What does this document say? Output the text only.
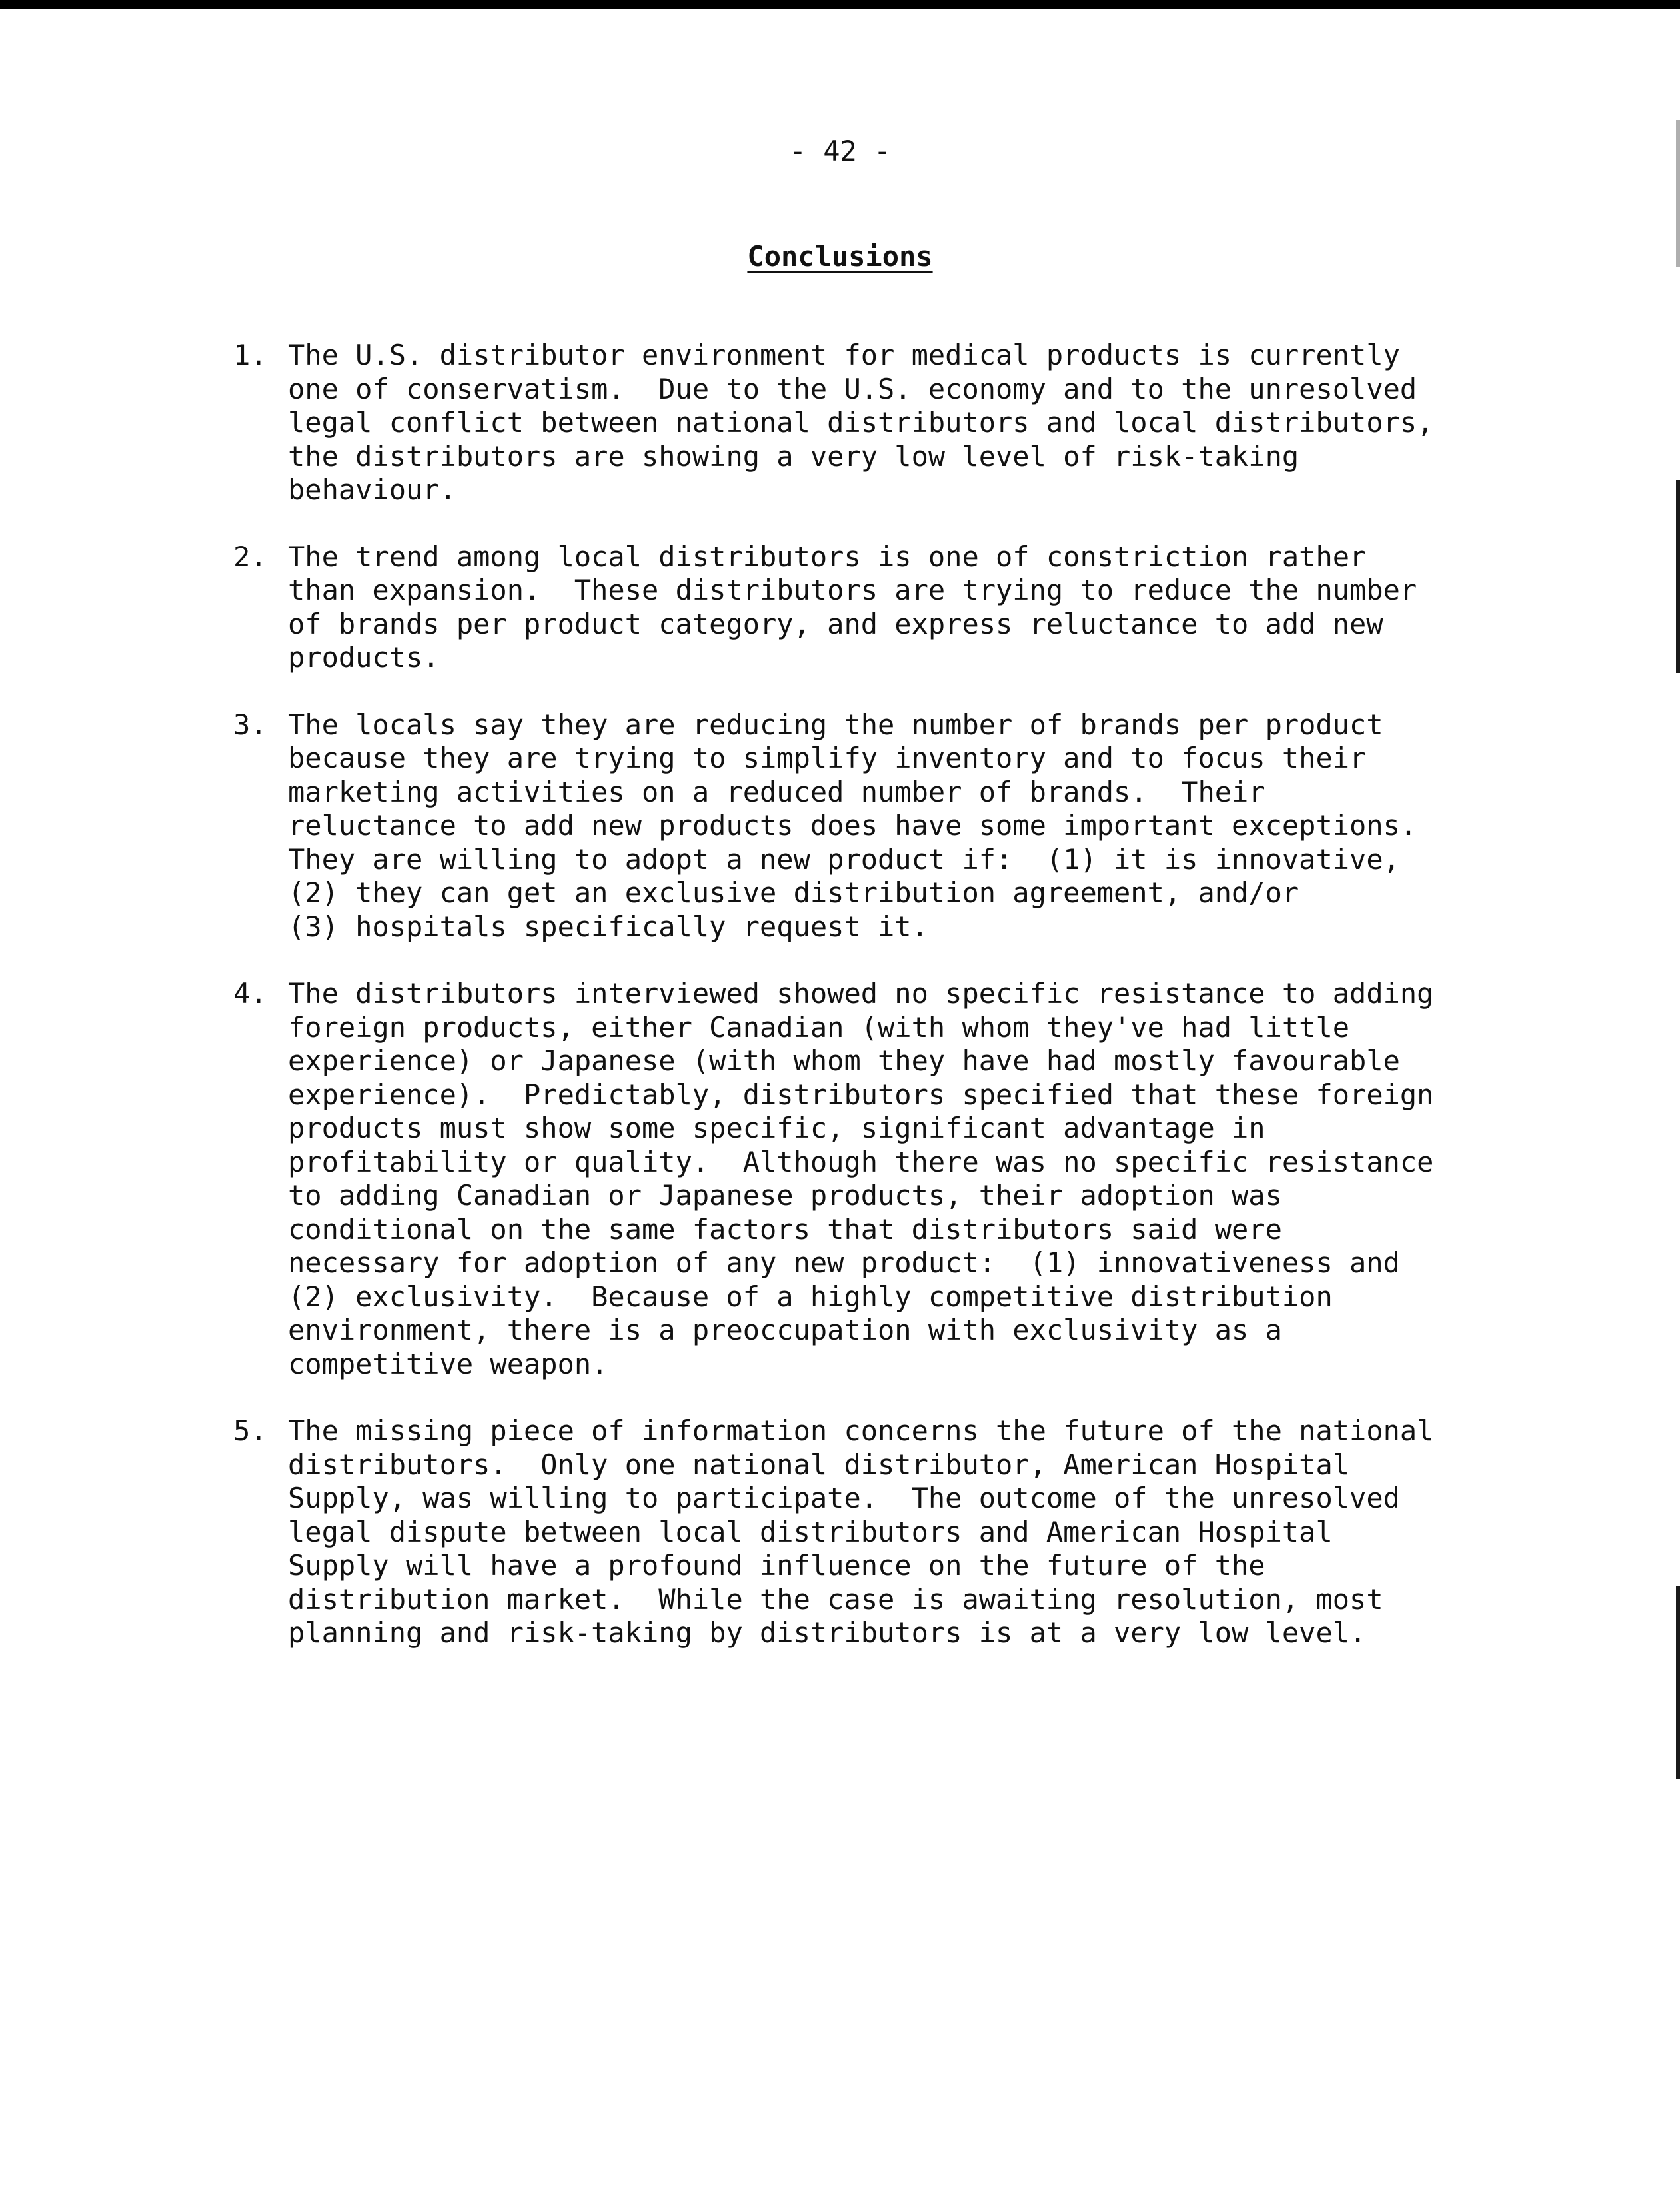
- 42 -
Conclusions
1. The U.S. distributor environment for medical products is currently
one of conservatism.  Due to the U.S. economy and to the unresolved
legal conflict between national distributors and local distributors,
the distributors are showing a very low level of risk-taking
behaviour.
2. The trend among local distributors is one of constriction rather
than expansion.  These distributors are trying to reduce the number
of brands per product category, and express reluctance to add new
products.
3. The locals say they are reducing the number of brands per product
because they are trying to simplify inventory and to focus their
marketing activities on a reduced number of brands.  Their
reluctance to add new products does have some important exceptions.
They are willing to adopt a new product if:  (1) it is innovative,
(2) they can get an exclusive distribution agreement, and/or
(3) hospitals specifically request it.
4. The distributors interviewed showed no specific resistance to adding
foreign products, either Canadian (with whom they've had little
experience) or Japanese (with whom they have had mostly favourable
experience).  Predictably, distributors specified that these foreign
products must show some specific, significant advantage in
profitability or quality.  Although there was no specific resistance
to adding Canadian or Japanese products, their adoption was
conditional on the same factors that distributors said were
necessary for adoption of any new product:  (1) innovativeness and
(2) exclusivity.  Because of a highly competitive distribution
environment, there is a preoccupation with exclusivity as a
competitive weapon.
5. The missing piece of information concerns the future of the national
distributors.  Only one national distributor, American Hospital
Supply, was willing to participate.  The outcome of the unresolved
legal dispute between local distributors and American Hospital
Supply will have a profound influence on the future of the
distribution market.  While the case is awaiting resolution, most
planning and risk-taking by distributors is at a very low level.
